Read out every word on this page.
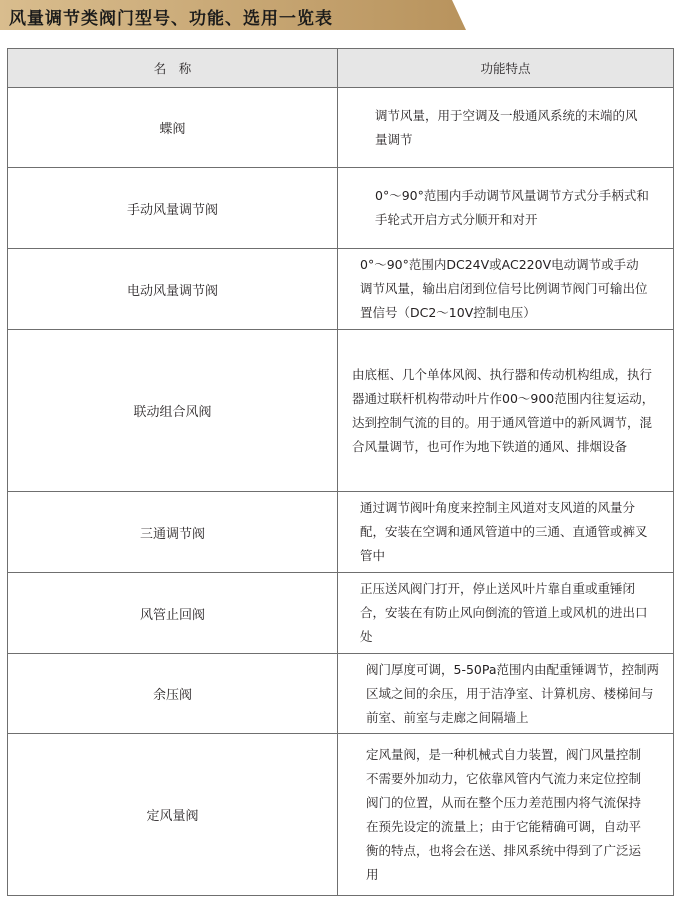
风量调节类阀门型号、功能、选用一览表
名　称	功能特点
蝶阀	调节风量，用于空调及一般通风系统的末端的风量调节

手动风量调节阀	0°～90°范围内手动调节风量调节方式分手柄式和手轮式开启方式分顺开和对开

电动风量调节阀	0°～90°范围内DC24V或AC220V电动调节或手动调节风量，输出启闭到位信号比例调节阀门可输出位置信号（DC2～10V控制电压）

联动组合风阀	由底框、几个单体风阀、执行器和传动机构组成，执行器通过联杆机构带动叶片作00～900范围内往复运动，达到控制气流的目的。用于通风管道中的新风调节，混合风量调节，也可作为地下铁道的通风、排烟设备

三通调节阀	通过调节阀叶角度来控制主风道对支风道的风量分配，安装在空调和通风管道中的三通、直通管或裤叉管中

风管止回阀	正压送风阀门打开，停止送风叶片靠自重或重锤闭合，安装在有防止风向倒流的管道上或风机的进出口处

余压阀	阀门厚度可调，5-50Pa范围内由配重锤调节，控制两区域之间的余压，用于洁净室、计算机房、楼梯间与前室、前室与走廊之间隔墙上

定风量阀	定风量阀，是一种机械式自力装置，阀门风量控制不需要外加动力，它依靠风管内气流力来定位控制阀门的位置，从而在整个压力差范围内将气流保持在预先设定的流量上；由于它能精确可调，自动平衡的特点，也将会在送、排风系统中得到了广泛运用
